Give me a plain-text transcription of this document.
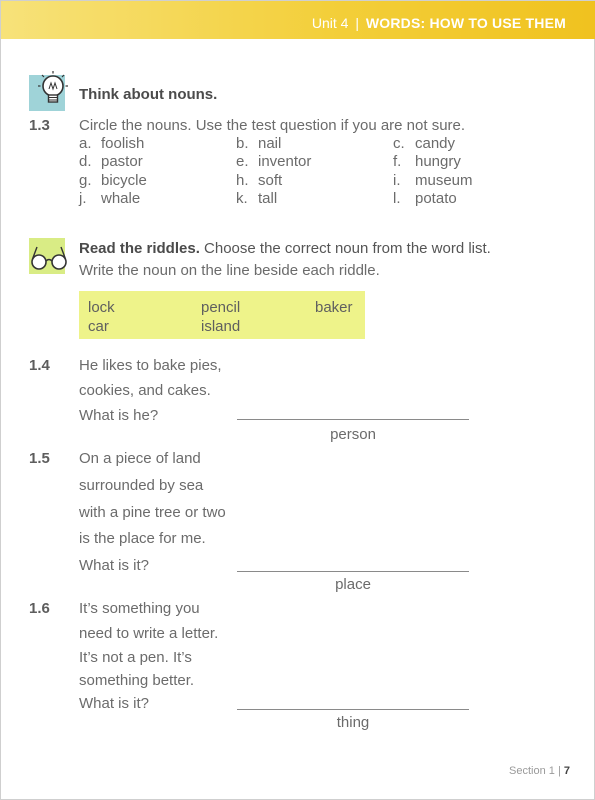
Unit 4 | WORDS: HOW TO USE THEM
Think about nouns.
1.3 Circle the nouns. Use the test question if you are not sure.
a. foolish	b. nail	c. candy
d. pastor	e. inventor	f. hungry
g. bicycle	h. soft	i. museum
j. whale	k. tall	l. potato
Read the riddles. Choose the correct noun from the word list.
Write the noun on the line beside each riddle.
lock	pencil	baker
car	island
1.4 He likes to bake pies,
cookies, and cakes.
What is he?
person
1.5 On a piece of land
surrounded by sea
with a pine tree or two
is the place for me.
What is it?
place
1.6 It’s something you
need to write a letter.
It’s not a pen. It’s
something better.
What is it?
thing
Section 1 | 7
